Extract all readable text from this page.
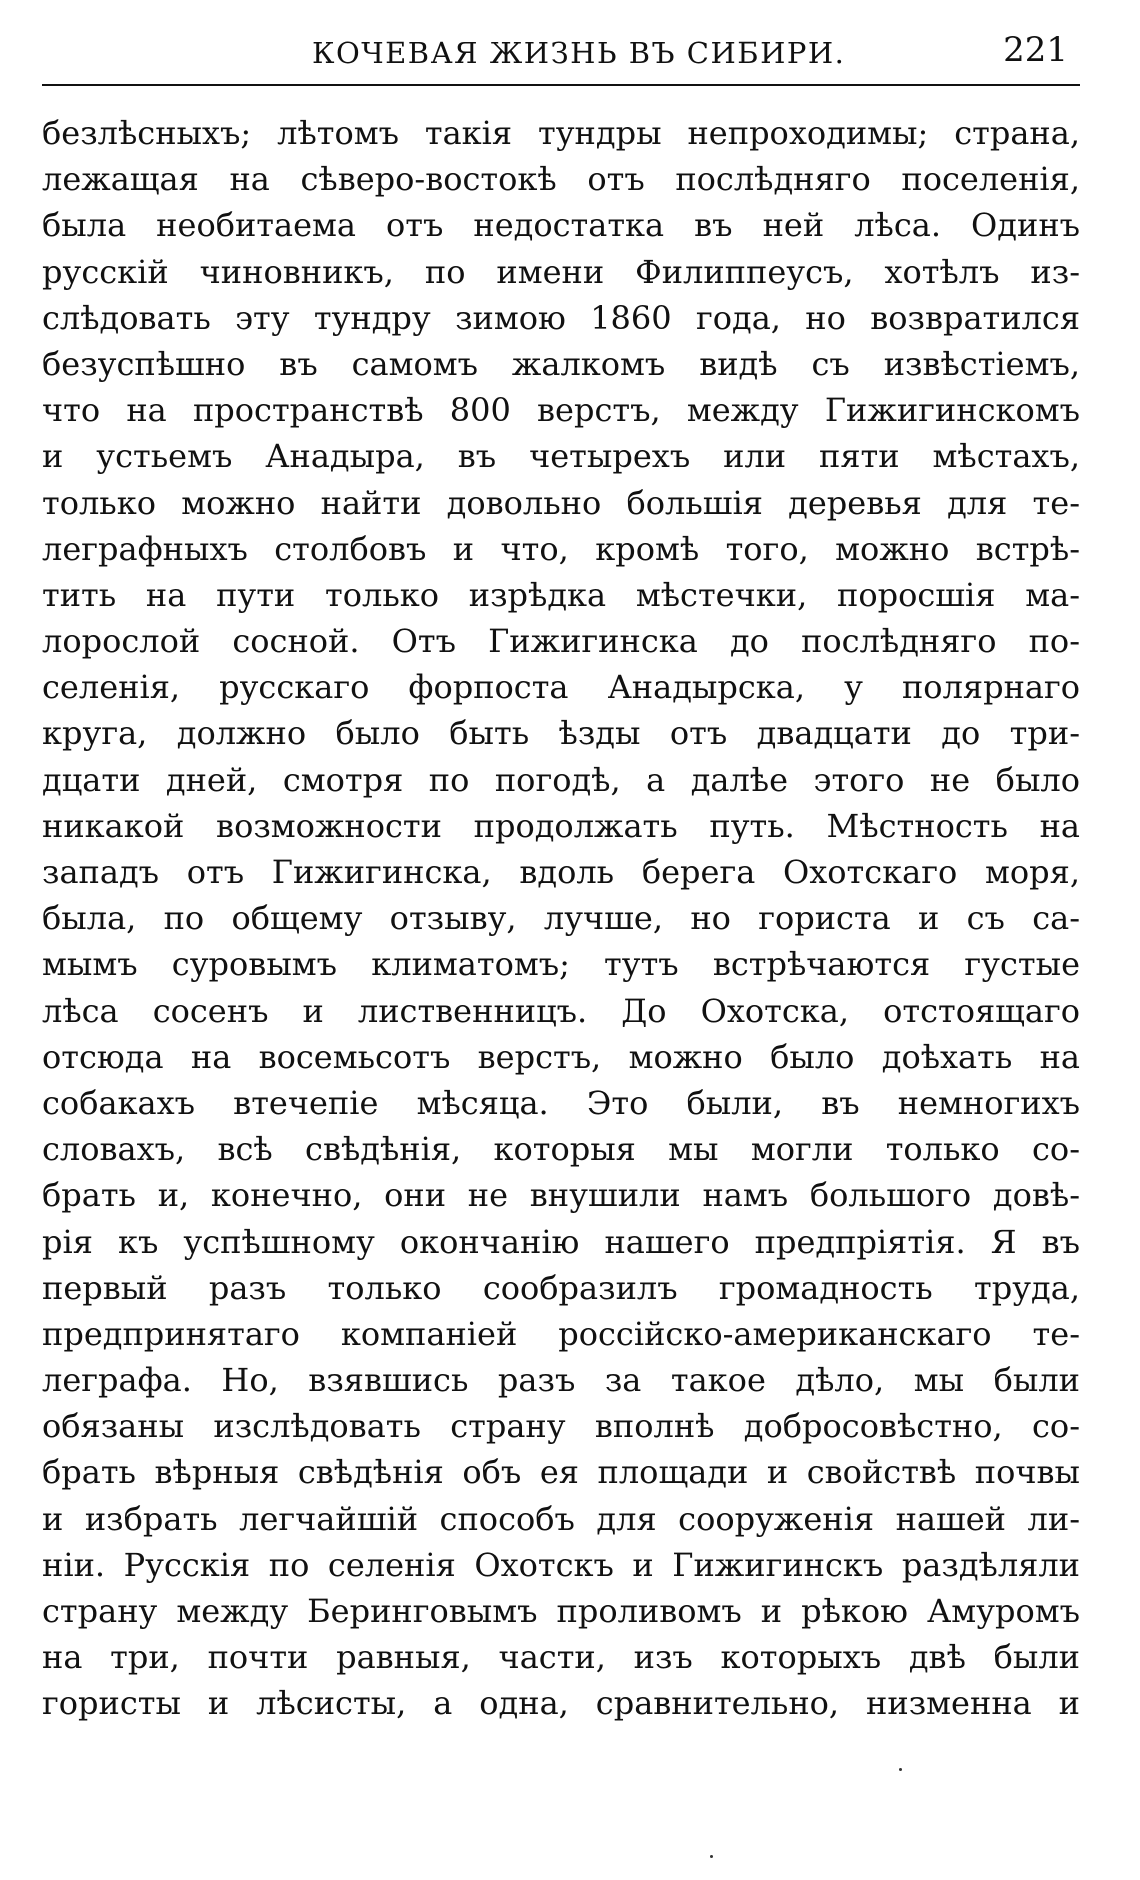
КОЧЕВАЯ ЖИЗНЬ ВЪ СИБИРИ.	221
безлѣсныхъ; лѣтомъ такія тундры непроходимы; страна,
лежащая на сѣверо-востокѣ отъ послѣдняго поселенія,
была необитаема отъ недостатка въ ней лѣса. Одинъ
русскій чиновникъ, по имени Филиппеусъ, хотѣлъ из-
слѣдовать эту тундру зимою 1860 года, но возвратился
безуспѣшно въ самомъ жалкомъ видѣ съ извѣстіемъ,
что на пространствѣ 800 верстъ, между Гижигинскомъ
и устьемъ Анадыра, въ четырехъ или пяти мѣстахъ,
только можно найти довольно большія деревья для те-
леграфныхъ столбовъ и что, кромѣ того, можно встрѣ-
тить на пути только изрѣдка мѣстечки, поросшія ма-
лорослой сосной. Отъ Гижигинска до послѣдняго по-
селенія, русскаго форпоста Анадырска, у полярнаго
круга, должно было быть ѣзды отъ двадцати до три-
дцати дней, смотря по погодѣ, а далѣе этого не было
никакой возможности продолжать путь. Мѣстность на
западъ отъ Гижигинска, вдоль берега Охотскаго моря,
была, по общему отзыву, лучше, но гориста и съ са-
мымъ суровымъ климатомъ; тутъ встрѣчаются густые
лѣса сосенъ и лиственницъ. До Охотска, отстоящаго
отсюда на восемьсотъ верстъ, можно было доѣхать на
собакахъ втечепіе мѣсяца. Это были, въ немногихъ
словахъ, всѣ свѣдѣнія, которыя мы могли только со-
брать и, конечно, они не внушили намъ большого довѣ-
рія къ успѣшному окончанію нашего предпріятія. Я въ
первый разъ только сообразилъ громадность труда,
предпринятаго компаніей россійско-американскаго те-
леграфа. Но, взявшись разъ за такое дѣло, мы были
обязаны изслѣдовать страну вполнѣ добросовѣстно, со-
брать вѣрныя свѣдѣнія объ ея площади и свойствѣ почвы
и избрать легчайшій способъ для сооруженія нашей ли-
ніи. Русскія по селенія Охотскъ и Гижигинскъ раздѣляли
страну между Беринговымъ проливомъ и рѣкою Амуромъ
на три, почти равныя, части, изъ которыхъ двѣ были
гористы и лѣсисты, а одна, сравнительно, низменна и
